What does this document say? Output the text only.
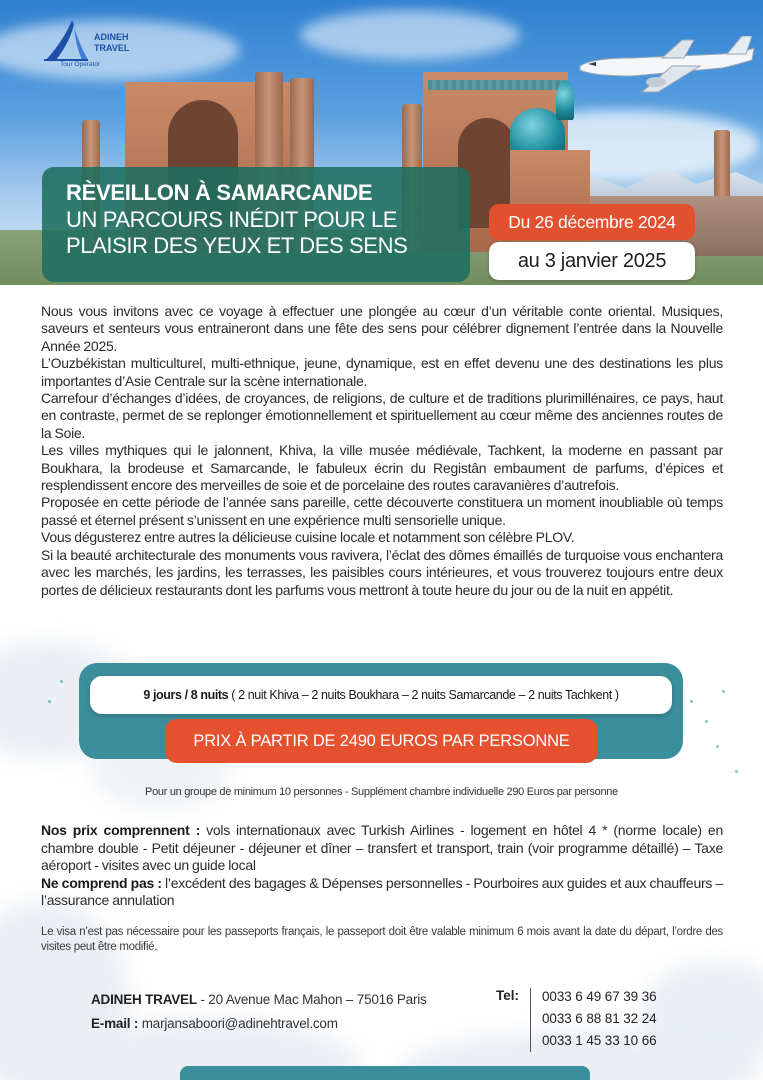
ADINEH
TRAVEL
Tour Operator
RÈVEILLON À SAMARCANDE
UN PARCOURS INÉDIT POUR LE
PLAISIR DES YEUX ET DES SENS
Du 26 décembre 2024
au 3 janvier 2025

Nous vous invitons avec ce voyage à effectuer une plongée au cœur d’un véritable conte oriental. Musiques, saveurs et senteurs vous entraineront dans une fête des sens pour célébrer dignement l’entrée dans la Nouvelle Année 2025.

L’Ouzbékistan multiculturel, multi-ethnique, jeune, dynamique, est en effet devenu une des destinations les plus importantes d’Asie Centrale sur la scène internationale.

Carrefour d’échanges d’idées, de croyances, de religions, de culture et de traditions plurimillénaires, ce pays, haut en contraste, permet de se replonger émotionnellement et spirituellement au cœur même des anciennes routes de la Soie.

Les villes mythiques qui le jalonnent, Khiva, la ville musée médiévale, Tachkent, la moderne en passant par Boukhara, la brodeuse et Samarcande, le fabuleux écrin du Registân embaument de parfums, d’épices et resplendissent encore des merveilles de soie et de porcelaine des routes caravanières d’autrefois.

Proposée en cette période de l’année sans pareille, cette découverte constituera un moment inoubliable où temps passé et éternel présent s’unissent en une expérience multi sensorielle unique.

Vous dégusterez entre autres la délicieuse cuisine locale et notamment son célèbre PLOV.

Si la beauté architecturale des monuments vous ravivera, l’éclat des dômes émaillés de turquoise vous enchantera avec les marchés, les jardins, les terrasses, les paisibles cours intérieures, et vous trouverez toujours entre deux portes de délicieux restaurants dont les parfums vous mettront à toute heure du jour ou de la nuit en appétit.

9 jours / 8 nuits ( 2 nuit Khiva – 2 nuits Boukhara – 2 nuits Samarcande – 2 nuits Tachkent )
PRIX À PARTIR DE 2490 EUROS PAR PERSONNE
Pour un groupe de minimum 10 personnes - Supplément chambre individuelle 290 Euros par personne
Nos prix comprennent : vols internationaux avec Turkish Airlines - logement en hôtel 4 * (norme locale) en chambre double - Petit déjeuner - déjeuner et dîner – transfert et transport, train (voir programme détaillé) – Taxe aéroport - visites avec un guide local
Ne comprend pas : l’excédent des bagages & Dépenses personnelles - Pourboires aux guides et aux chauffeurs – l’assurance annulation
Le visa n’est pas nécessaire pour les passeports français, le passeport doit être valable minimum 6 mois avant la date du départ, l’ordre des visites peut être modifié.
ADINEH TRAVEL - 20 Avenue Mac Mahon – 75016 Paris
E-mail : marjansaboori@adinehtravel.com
Tel: 0033 6 49 67 39 36
0033 6 88 81 32 24
0033 1 45 33 10 66
